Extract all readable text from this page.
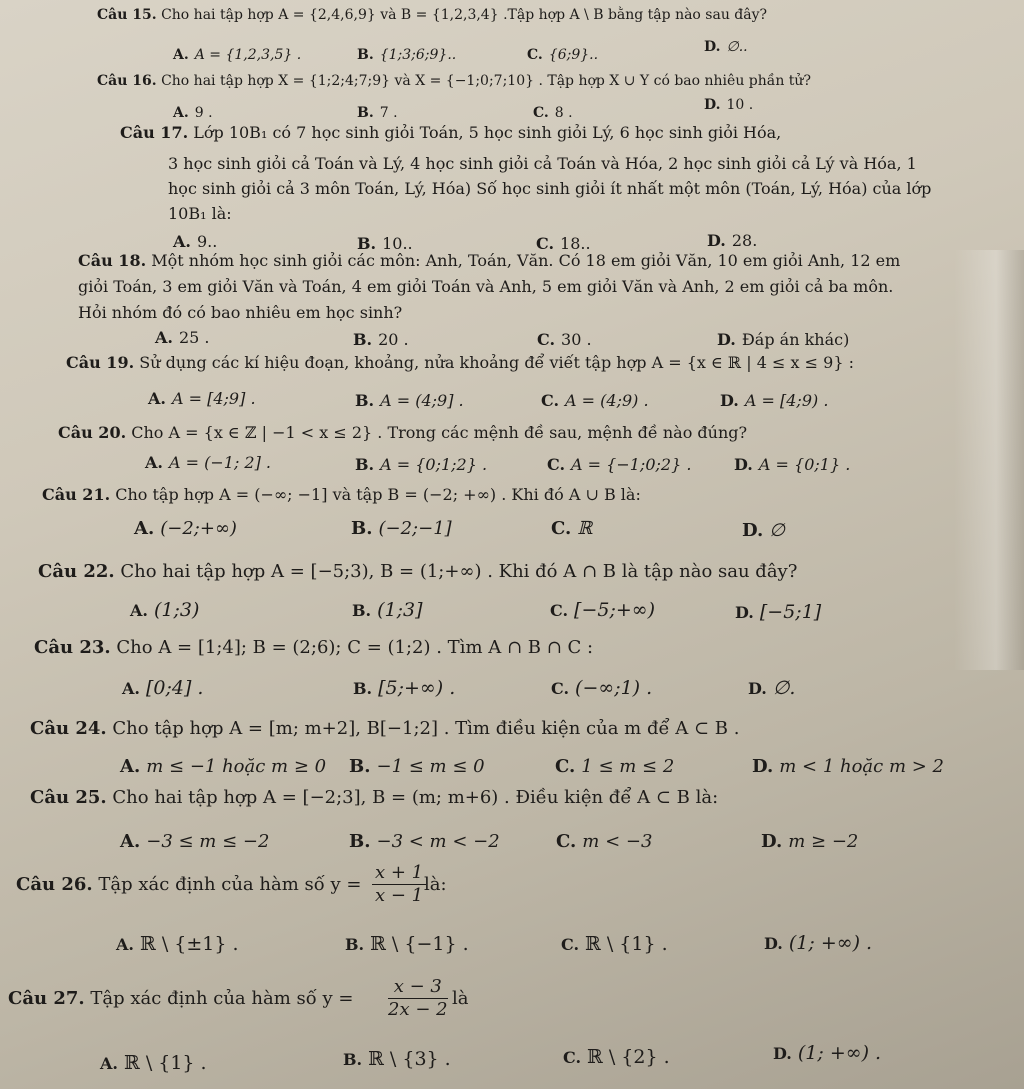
Câu 15. Cho hai tập hợp A = {2,4,6,9} và B = {1,2,3,4} .Tập hợp A \ B bằng tập nào sau đây?
A. A = {1,2,3,5} .	B. {1;3;6;9}..	C. {6;9}..	D. ∅..
Câu 16. Cho hai tập hợp X = {1;2;4;7;9} và X = {−1;0;7;10} . Tập hợp X ∪ Y có bao nhiêu phần tử?
A. 9 .	B. 7 .	C. 8 .	D. 10 .
Câu 17. Lớp 10B₁ có 7 học sinh giỏi Toán, 5 học sinh giỏi Lý, 6 học sinh giỏi Hóa,
3 học sinh giỏi cả Toán và Lý, 4 học sinh giỏi cả Toán và Hóa, 2 học sinh giỏi cả Lý và Hóa, 1
học sinh giỏi cả 3 môn Toán, Lý, Hóa) Số học sinh giỏi ít nhất một môn (Toán, Lý, Hóa) của lớp
10B₁ là:
A. 9..	B. 10..	C. 18..	D. 28.
Câu 18. Một nhóm học sinh giỏi các môn: Anh, Toán, Văn. Có 18 em giỏi Văn, 10 em giỏi Anh, 12 em
giỏi Toán, 3 em giỏi Văn và Toán, 4 em giỏi Toán và Anh, 5 em giỏi Văn và Anh, 2 em giỏi cả ba môn.
Hỏi nhóm đó có bao nhiêu em học sinh?
A. 25 .	B. 20 .	C. 30 .	D. Đáp án khác)
Câu 19. Sử dụng các kí hiệu đoạn, khoảng, nửa khoảng để viết tập hợp A = {x ∈ ℝ | 4 ≤ x ≤ 9} :
A. A = [4;9] .	B. A = (4;9] .	C. A = (4;9) .	D. A = [4;9) .
Câu 20. Cho A = {x ∈ ℤ | −1 < x ≤ 2} . Trong các mệnh đề sau, mệnh đề nào đúng?
A. A = (−1; 2] .	B. A = {0;1;2} .	C. A = {−1;0;2} .	D. A = {0;1} .
Câu 21. Cho tập hợp A = (−∞; −1] và tập B = (−2; +∞) . Khi đó A ∪ B là:
A. (−2;+∞)	B. (−2;−1]	C. ℝ	D. ∅
Câu 22. Cho hai tập hợp A = [−5;3), B = (1;+∞) . Khi đó A ∩ B là tập nào sau đây?
A. (1;3)	B. (1;3]	C. [−5;+∞)	D. [−5;1]
Câu 23. Cho A = [1;4]; B = (2;6); C = (1;2) . Tìm A ∩ B ∩ C :
A. [0;4] .	B. [5;+∞) .	C. (−∞;1) .	D. ∅.
Câu 24. Cho tập hợp A = [m; m+2], B[−1;2] . Tìm điều kiện của m để A ⊂ B .
A. m ≤ −1 hoặc m ≥ 0 B. −1 ≤ m ≤ 0	C. 1 ≤ m ≤ 2	D. m < 1 hoặc m > 2
Câu 25. Cho hai tập hợp A = [−2;3], B = (m; m+6) . Điều kiện để A ⊂ B là:
A. −3 ≤ m ≤ −2	B. −3 < m < −2	C. m < −3	D. m ≥ −2
Câu 26. Tập xác định của hàm số $y = \frac{x + 1}{x - 1}$
là:
A. ℝ \ {±1} .	B. ℝ \ {−1} .	C. ℝ \ {1} .	D. (1; +∞) .
Câu 27. Tập xác định của hàm số $y = \frac{x - 3}{2x - 2}$ là
A. ℝ \ {1} .	B. ℝ \ {3} .	C. ℝ \ {2} .	D. (1; +∞) .
